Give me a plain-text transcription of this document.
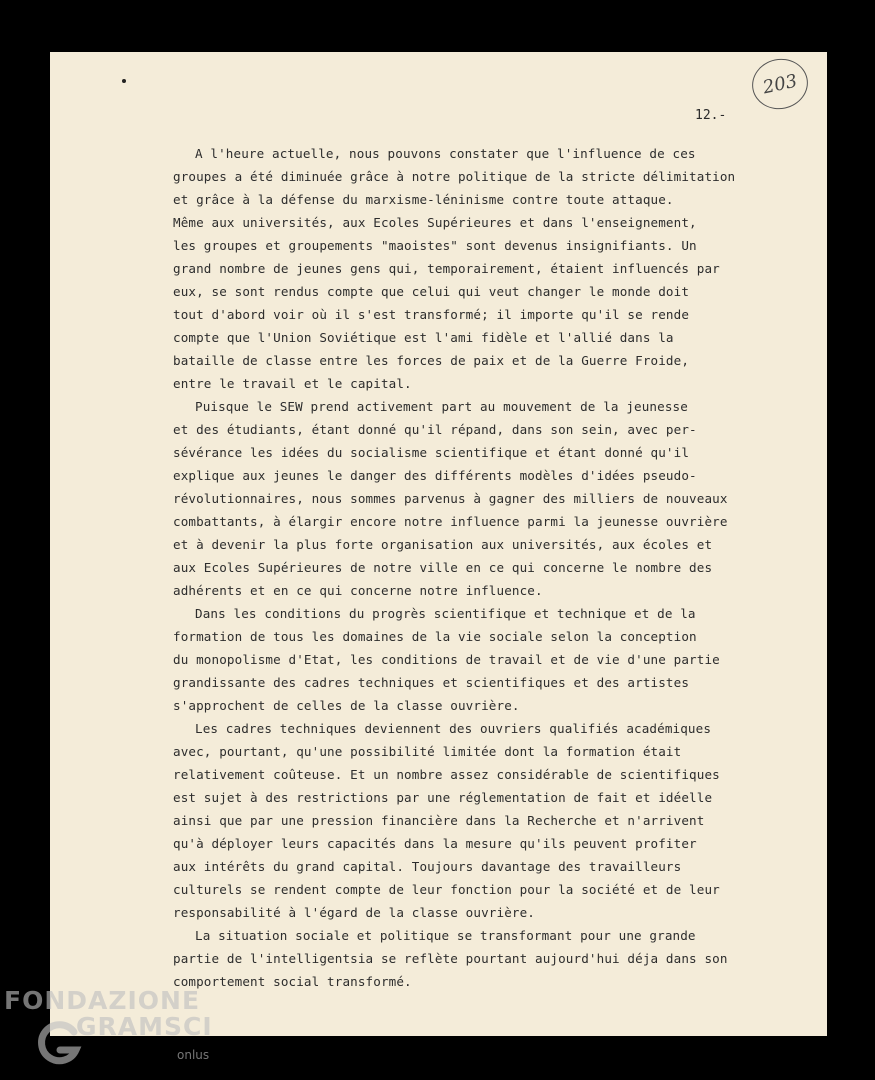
203
12.-

A l'heure actuelle, nous pouvons constater que l'influence de ces

groupes a été diminuée grâce à notre politique de la stricte délimitation

et grâce à la défense du marxisme-léninisme contre toute attaque.

Même aux universités, aux Ecoles Supérieures et dans l'enseignement,

les groupes et groupements "maoistes" sont devenus insignifiants. Un

grand nombre de jeunes gens qui, temporairement, étaient influencés par

eux, se sont rendus compte que celui qui veut changer le monde doit

tout d'abord voir où il s'est transformé; il importe qu'il se rende

compte que l'Union Soviétique est l'ami fidèle et l'allié dans la

bataille de classe entre les forces de paix et de la Guerre Froide,

entre le travail et le capital.

Puisque le SEW prend activement part au mouvement de la jeunesse

et des étudiants, étant donné qu'il répand, dans son sein, avec per-

sévérance les idées du socialisme scientifique et étant donné qu'il

explique aux jeunes le danger des différents modèles d'idées pseudo-

révolutionnaires, nous sommes parvenus à gagner des milliers de nouveaux

combattants, à élargir encore notre influence parmi la jeunesse ouvrière

et à devenir la plus forte organisation aux universités, aux écoles et

aux Ecoles Supérieures de notre ville en ce qui concerne le nombre des

adhérents et en ce qui concerne notre influence.

Dans les conditions du progrès scientifique et technique et de la

formation de tous les domaines de la vie sociale selon la conception

du monopolisme d'Etat, les conditions de travail et de vie d'une partie

grandissante des cadres techniques et scientifiques et des artistes

s'approchent de celles de la classe ouvrière.

Les cadres techniques deviennent des ouvriers qualifiés académiques

avec, pourtant, qu'une possibilité limitée dont la formation était

relativement coûteuse. Et un nombre assez considérable de scientifiques

est sujet à des restrictions par une réglementation de fait et idéelle

ainsi que par une pression financière dans la Recherche et n'arrivent

qu'à déployer leurs capacités dans la mesure qu'ils peuvent profiter

aux intérêts du grand capital. Toujours davantage des travailleurs

culturels se rendent compte de leur fonction pour la société et de leur

responsabilité à l'égard de la classe ouvrière.

La situation sociale et politique se transformant pour une grande

partie de l'intelligentsia se reflète pourtant aujourd'hui déja dans son

comportement social transformé.

FONDAZIONE
GRAMSCI
onlus
